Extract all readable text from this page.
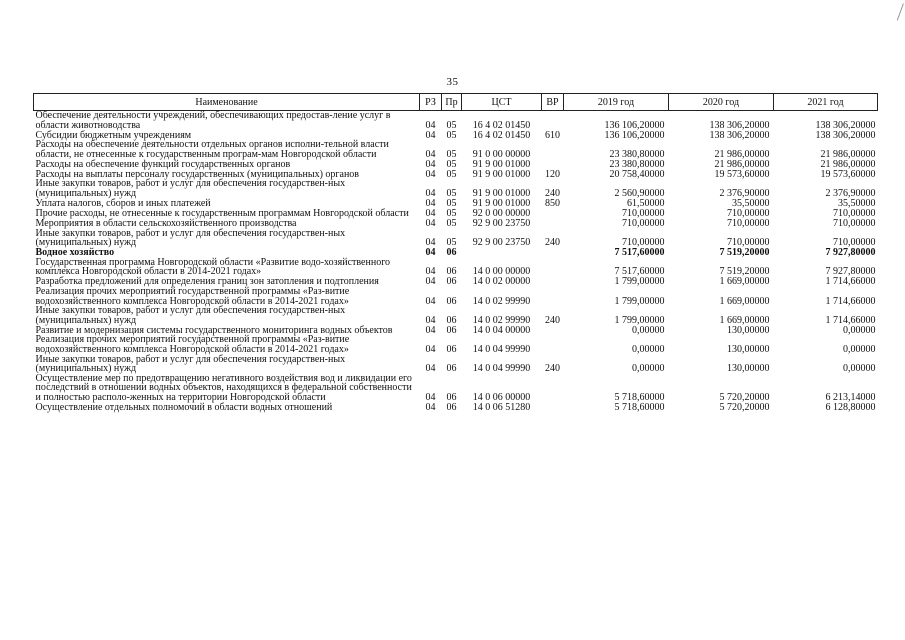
35
Наименование	РЗ	Пр	ЦСТ	ВР	2019 год	2020 год	2021 год
Обеспечение деятельности учреждений, обеспечивающих предостав-ление услуг в области животноводства	04	05	16 4 02 01450		136 106,20000	138 306,20000	138 306,20000
Субсидии бюджетным учреждениям	04	05	16 4 02 01450	610	136 106,20000	138 306,20000	138 306,20000
Расходы на обеспечение деятельности отдельных органов исполни-тельной власти области, не отнесенные к государственным програм-мам Новгородской области	04	05	91 0 00 00000		23 380,80000	21 986,00000	21 986,00000
Расходы на обеспечение функций государственных органов	04	05	91 9 00 01000		23 380,80000	21 986,00000	21 986,00000
Расходы на выплаты персоналу государственных (муниципальных) органов	04	05	91 9 00 01000	120	20 758,40000	19 573,60000	19 573,60000
Иные закупки товаров, работ и услуг для обеспечения государствен-ных (муниципальных) нужд	04	05	91 9 00 01000	240	2 560,90000	2 376,90000	2 376,90000
Уплата налогов, сборов и иных платежей	04	05	91 9 00 01000	850	61,50000	35,50000	35,50000
Прочие расходы, не отнесенные к государственным программам Новгородской области	04	05	92 0 00 00000		710,00000	710,00000	710,00000
Мероприятия в области сельскохозяйственного производства	04	05	92 9 00 23750		710,00000	710,00000	710,00000
Иные закупки товаров, работ и услуг для обеспечения государствен-ных (муниципальных) нужд	04	05	92 9 00 23750	240	710,00000	710,00000	710,00000
Водное хозяйство	04	06			7 517,60000	7 519,20000	7 927,80000
Государственная программа Новгородской области «Развитие водо-хозяйственного комплекса Новгородской области в 2014-2021 годах»	04	06	14 0 00 00000		7 517,60000	7 519,20000	7 927,80000
Разработка предложений для определения границ зон затопления и подтопления	04	06	14 0 02 00000		1 799,00000	1 669,00000	1 714,66000
Реализация прочих мероприятий государственной программы «Раз-витие водохозяйственного комплекса Новгородской области в 2014-2021 годах»	04	06	14 0 02 99990		1 799,00000	1 669,00000	1 714,66000
Иные закупки товаров, работ и услуг для обеспечения государствен-ных (муниципальных) нужд	04	06	14 0 02 99990	240	1 799,00000	1 669,00000	1 714,66000
Развитие и модернизация системы государственного мониторинга водных объектов	04	06	14 0 04 00000		0,00000	130,00000	0,00000
Реализация прочих мероприятий государственной программы «Раз-витие водохозяйственного комплекса Новгородской области в 2014-2021 годах»	04	06	14 0 04 99990		0,00000	130,00000	0,00000
Иные закупки товаров, работ и услуг для обеспечения государствен-ных (муниципальных) нужд	04	06	14 0 04 99990	240	0,00000	130,00000	0,00000
Осуществление мер по предотвращению негативного воздействия вод и ликвидации его последствий в отношении водных объектов, находящихся в федеральной собственности и полностью располо-женных на территории Новгородской области	04	06	14 0 06 00000		5 718,60000	5 720,20000	6 213,14000
Осуществление отдельных полномочий в области водных отношений	04	06	14 0 06 51280		5 718,60000	5 720,20000	6 128,80000
